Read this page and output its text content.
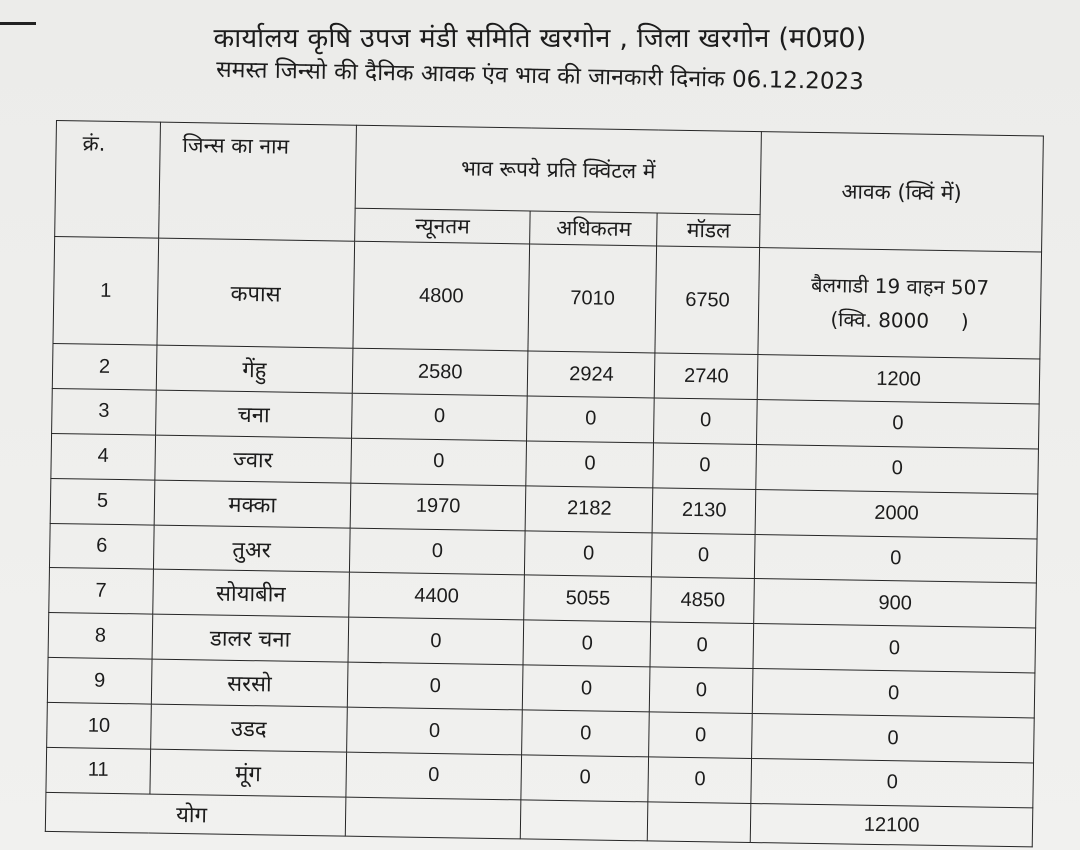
कार्यालय कृषि उपज मंडी समिति खरगोन , जिला खरगोन (म0प्र0)
समस्त जिन्सो की दैनिक आवक एंव भाव की जानकारी दिनांक 06.12.2023
क्रं.	जिन्स का नाम	भाव रूपये प्रति क्विंटल में			आवक (क्विं में)
		न्यूनतम	अधिकतम	मॉडल	
1	कपास	4800	7010	6750	बैलगाडी 19 वाहन 507
(क्वि. 8000     )

2	गेंहु	2580	2924	2740	1200
3	चना	0	0	0	0
4	ज्वार	0	0	0	0
5	मक्का	1970	2182	2130	2000
6	तुअर	0	0	0	0
7	सोयाबीन	4400	5055	4850	900
8	डालर चना	0	0	0	0
9	सरसो	0	0	0	0
10	उडद	0	0	0	0
11	मूंग	0	0	0	0
योग					12100
